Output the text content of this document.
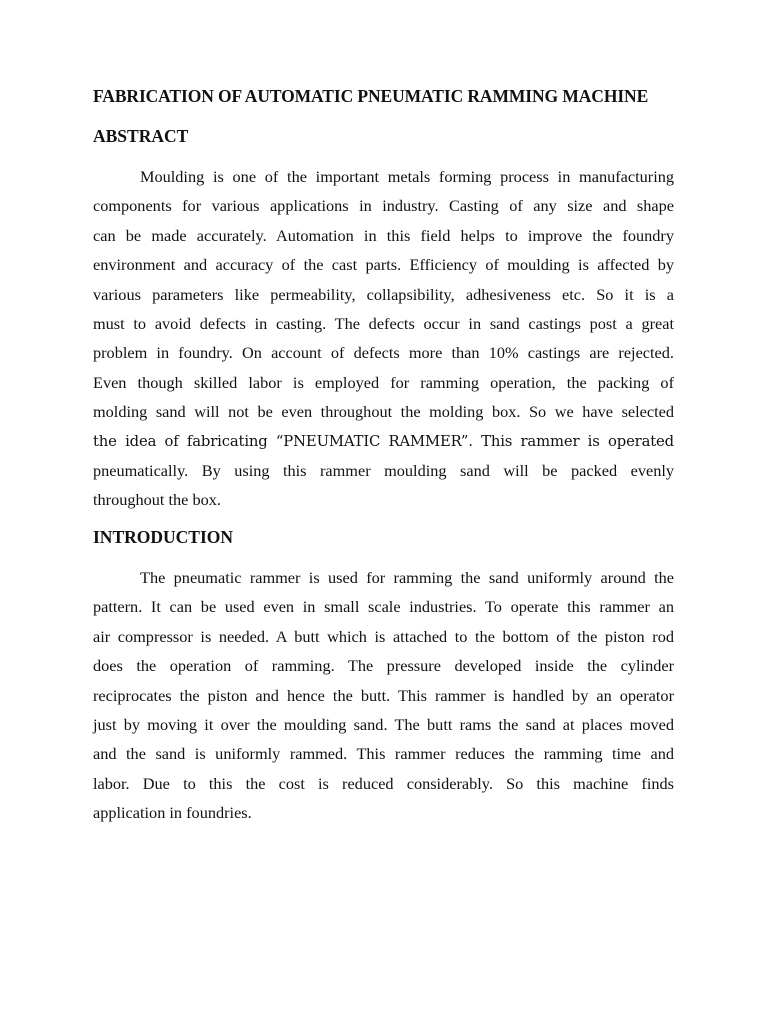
FABRICATION OF AUTOMATIC PNEUMATIC RAMMING MACHINE
ABSTRACT
Moulding is one of the important metals forming process in manufacturing
components for various applications in industry. Casting of any size and shape
can be made accurately. Automation in this field helps to improve the foundry
environment and accuracy of the cast parts. Efficiency of moulding is affected by
various parameters like permeability, collapsibility, adhesiveness etc. So it is a
must to avoid defects in casting. The defects occur in sand castings post a great
problem in foundry. On account of defects more than 10% castings are rejected.
Even though skilled labor is employed for ramming operation, the packing of
molding sand will not be even throughout the molding box. So we have selected
the idea of fabricating “PNEUMATIC RAMMER”. This rammer is operated
pneumatically. By using this rammer moulding sand will be packed evenly
throughout the box.
INTRODUCTION
The pneumatic rammer is used for ramming the sand uniformly around the
pattern. It can be used even in small scale industries. To operate this rammer an
air compressor is needed. A butt which is attached to the bottom of the piston rod
does the operation of ramming. The pressure developed inside the cylinder
reciprocates the piston and hence the butt. This rammer is handled by an operator
just by moving it over the moulding sand. The butt rams the sand at places moved
and the sand is uniformly rammed. This rammer reduces the ramming time and
labor. Due to this the cost is reduced considerably. So this machine finds
application in foundries.
